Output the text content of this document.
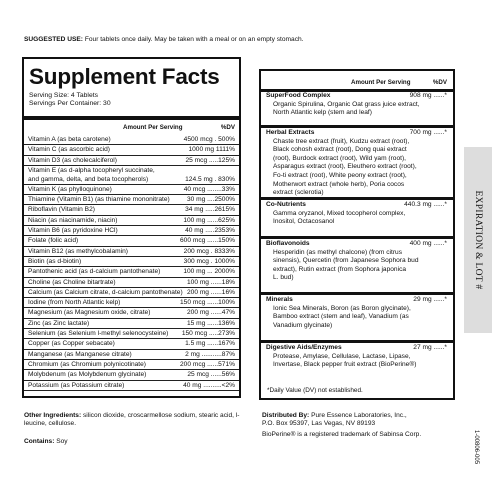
SUGGESTED USE: Four tablets once daily. May be taken with a meal or on an empty stomach.
Supplement Facts
Serving Size: 4 Tablets
Servings Per Container: 30
Amount Per Serving	%DV
Vitamin A (as beta carotene)	4500 mcg . 500%
Vitamin C (as ascorbic acid)	1000 mg 1111%
Vitamin D3 (as cholecalciferol)	25 mcg .....125%
Vitamin E (as d-alpha tocopheryl succinate,
and gamma, delta, and beta tocopherols)	124.5 mg . 830%
Vitamin K (as phylloquinone)	40 mcg ........33%
Thiamine (Vitamin B1) (as thiamine mononitrate)	30 mg ....2500%
Riboflavin (Vitamin B2)	34 mg .....2615%
Niacin (as niacinamide, niacin)	100 mg ......625%
Vitamin B6 (as pyridoxine HCl)	40 mg .....2353%
Folate (folic acid)	600 mcg ......150%
Vitamin B12 (as methylcobalamin)	200 mcg . 8333%
Biotin (as d-biotin)	300 mcg . 1000%
Pantothenic acid (as d-calcium pantothenate)	100 mg ... 2000%
Choline (as Choline bitartrate)	100 mg ......18%
Calcium (as Calcium citrate, d-calcium pantothenate) 200 mg ......16%
Iodine (from North Atlantic kelp)	150 mcg ......100%
Magnesium (as Magnesium oxide, citrate)	200 mg ......47%
Zinc (as Zinc lactate)	15 mg ......136%
Selenium (as Selenium l-methyl selenocysteine) 150 mcg .....273%
Copper (as Copper sebacate)	1.5 mg ......167%
Manganese (as Manganese citrate)	2 mg ...........87%
Chromium (as Chromium polynicotinate)	200 mcg ......571%
Molybdenum (as Molybdenum glycinate)	25 mcg ......56%
Potassium (as Potassium citrate)	40 mg ..........<2%
Amount Per Serving	%DV
SuperFood Complex	908 mg ......*
Organic Spirulina, Organic Oat grass juice extract,
North Atlantic kelp (stem and leaf)
Herbal Extracts	700 mg ......*
Chaste tree extract (fruit), Kudzu extract (root),
Black cohosh extract (root), Dong quai extract
(root), Burdock extract (root), Wild yam (root),
Asparagus extract (root), Eleuthero extract (root),
Fo-ti extract (root), White peony extract (root),
Motherwort extract (whole herb), Poria cocos
extract (sclerotia)
Co-Nutrients	440.3 mg ......*
Gamma oryzanol, Mixed tocopherol complex,
Inositol, Octacosanol
Bioflavonoids	400 mg ......*
Hesperidin (as methyl chalcone) (from citrus
sinensis), Quercetin (from Japanese Sophora bud
extract), Rutin extract (from Sophora japonica
L. bud)
Minerals	29 mg ......*
Ionic Sea Minerals, Boron (as Boron glycinate),
Bamboo extract (stem and leaf), Vanadium (as
Vanadium glycinate)
Digestive Aids/Enzymes	27 mg ......*
Protease, Amylase, Cellulase, Lactase, Lipase,
Invertase, Black pepper fruit extract (BioPerine®)
*Daily Value (DV) not established.
EXPIRATION & LOT #
1-00806-005
Other Ingredients: silicon dioxide, croscarmellose sodium, stearic acid, l-leucine, cellulose.
Contains: Soy
Distributed By: Pure Essence Laboratories, Inc.,
P.O. Box 95397, Las Vegas, NV 89193
BioPerine® is a registered trademark of Sabinsa Corp.
